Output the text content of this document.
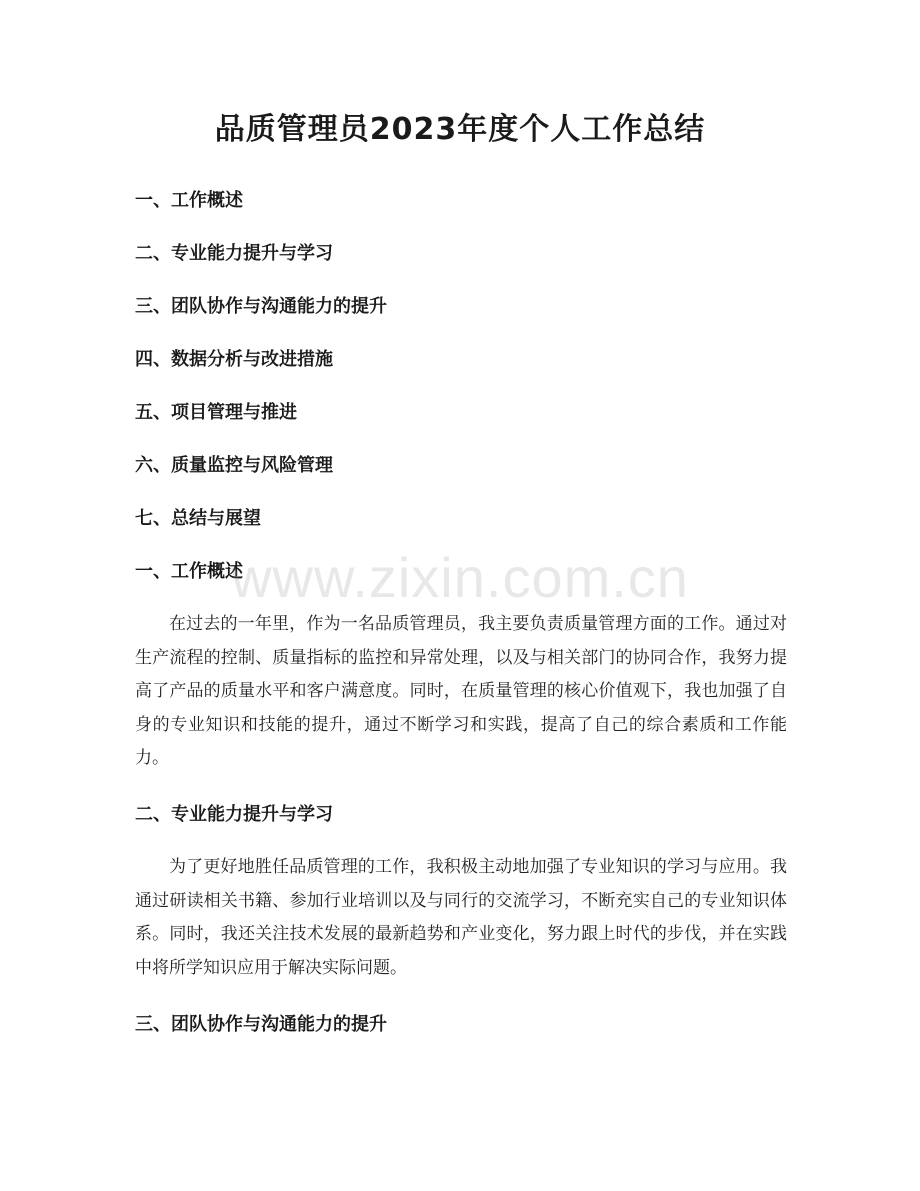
品质管理员2023年度个人工作总结
一、工作概述
二、专业能力提升与学习
三、团队协作与沟通能力的提升
四、数据分析与改进措施
五、项目管理与推进
六、质量监控与风险管理
七、总结与展望
一、工作概述
在过去的一年里，作为一名品质管理员，我主要负责质量管理方面的工作。通过对生产流程的控制、质量指标的监控和异常处理，以及与相关部门的协同合作，我努力提高了产品的质量水平和客户满意度。同时，在质量管理的核心价值观下，我也加强了自身的专业知识和技能的提升，通过不断学习和实践，提高了自己的综合素质和工作能力。
二、专业能力提升与学习
为了更好地胜任品质管理的工作，我积极主动地加强了专业知识的学习与应用。我通过研读相关书籍、参加行业培训以及与同行的交流学习，不断充实自己的专业知识体系。同时，我还关注技术发展的最新趋势和产业变化，努力跟上时代的步伐，并在实践中将所学知识应用于解决实际问题。
三、团队协作与沟通能力的提升
www.zixin.com.cn
